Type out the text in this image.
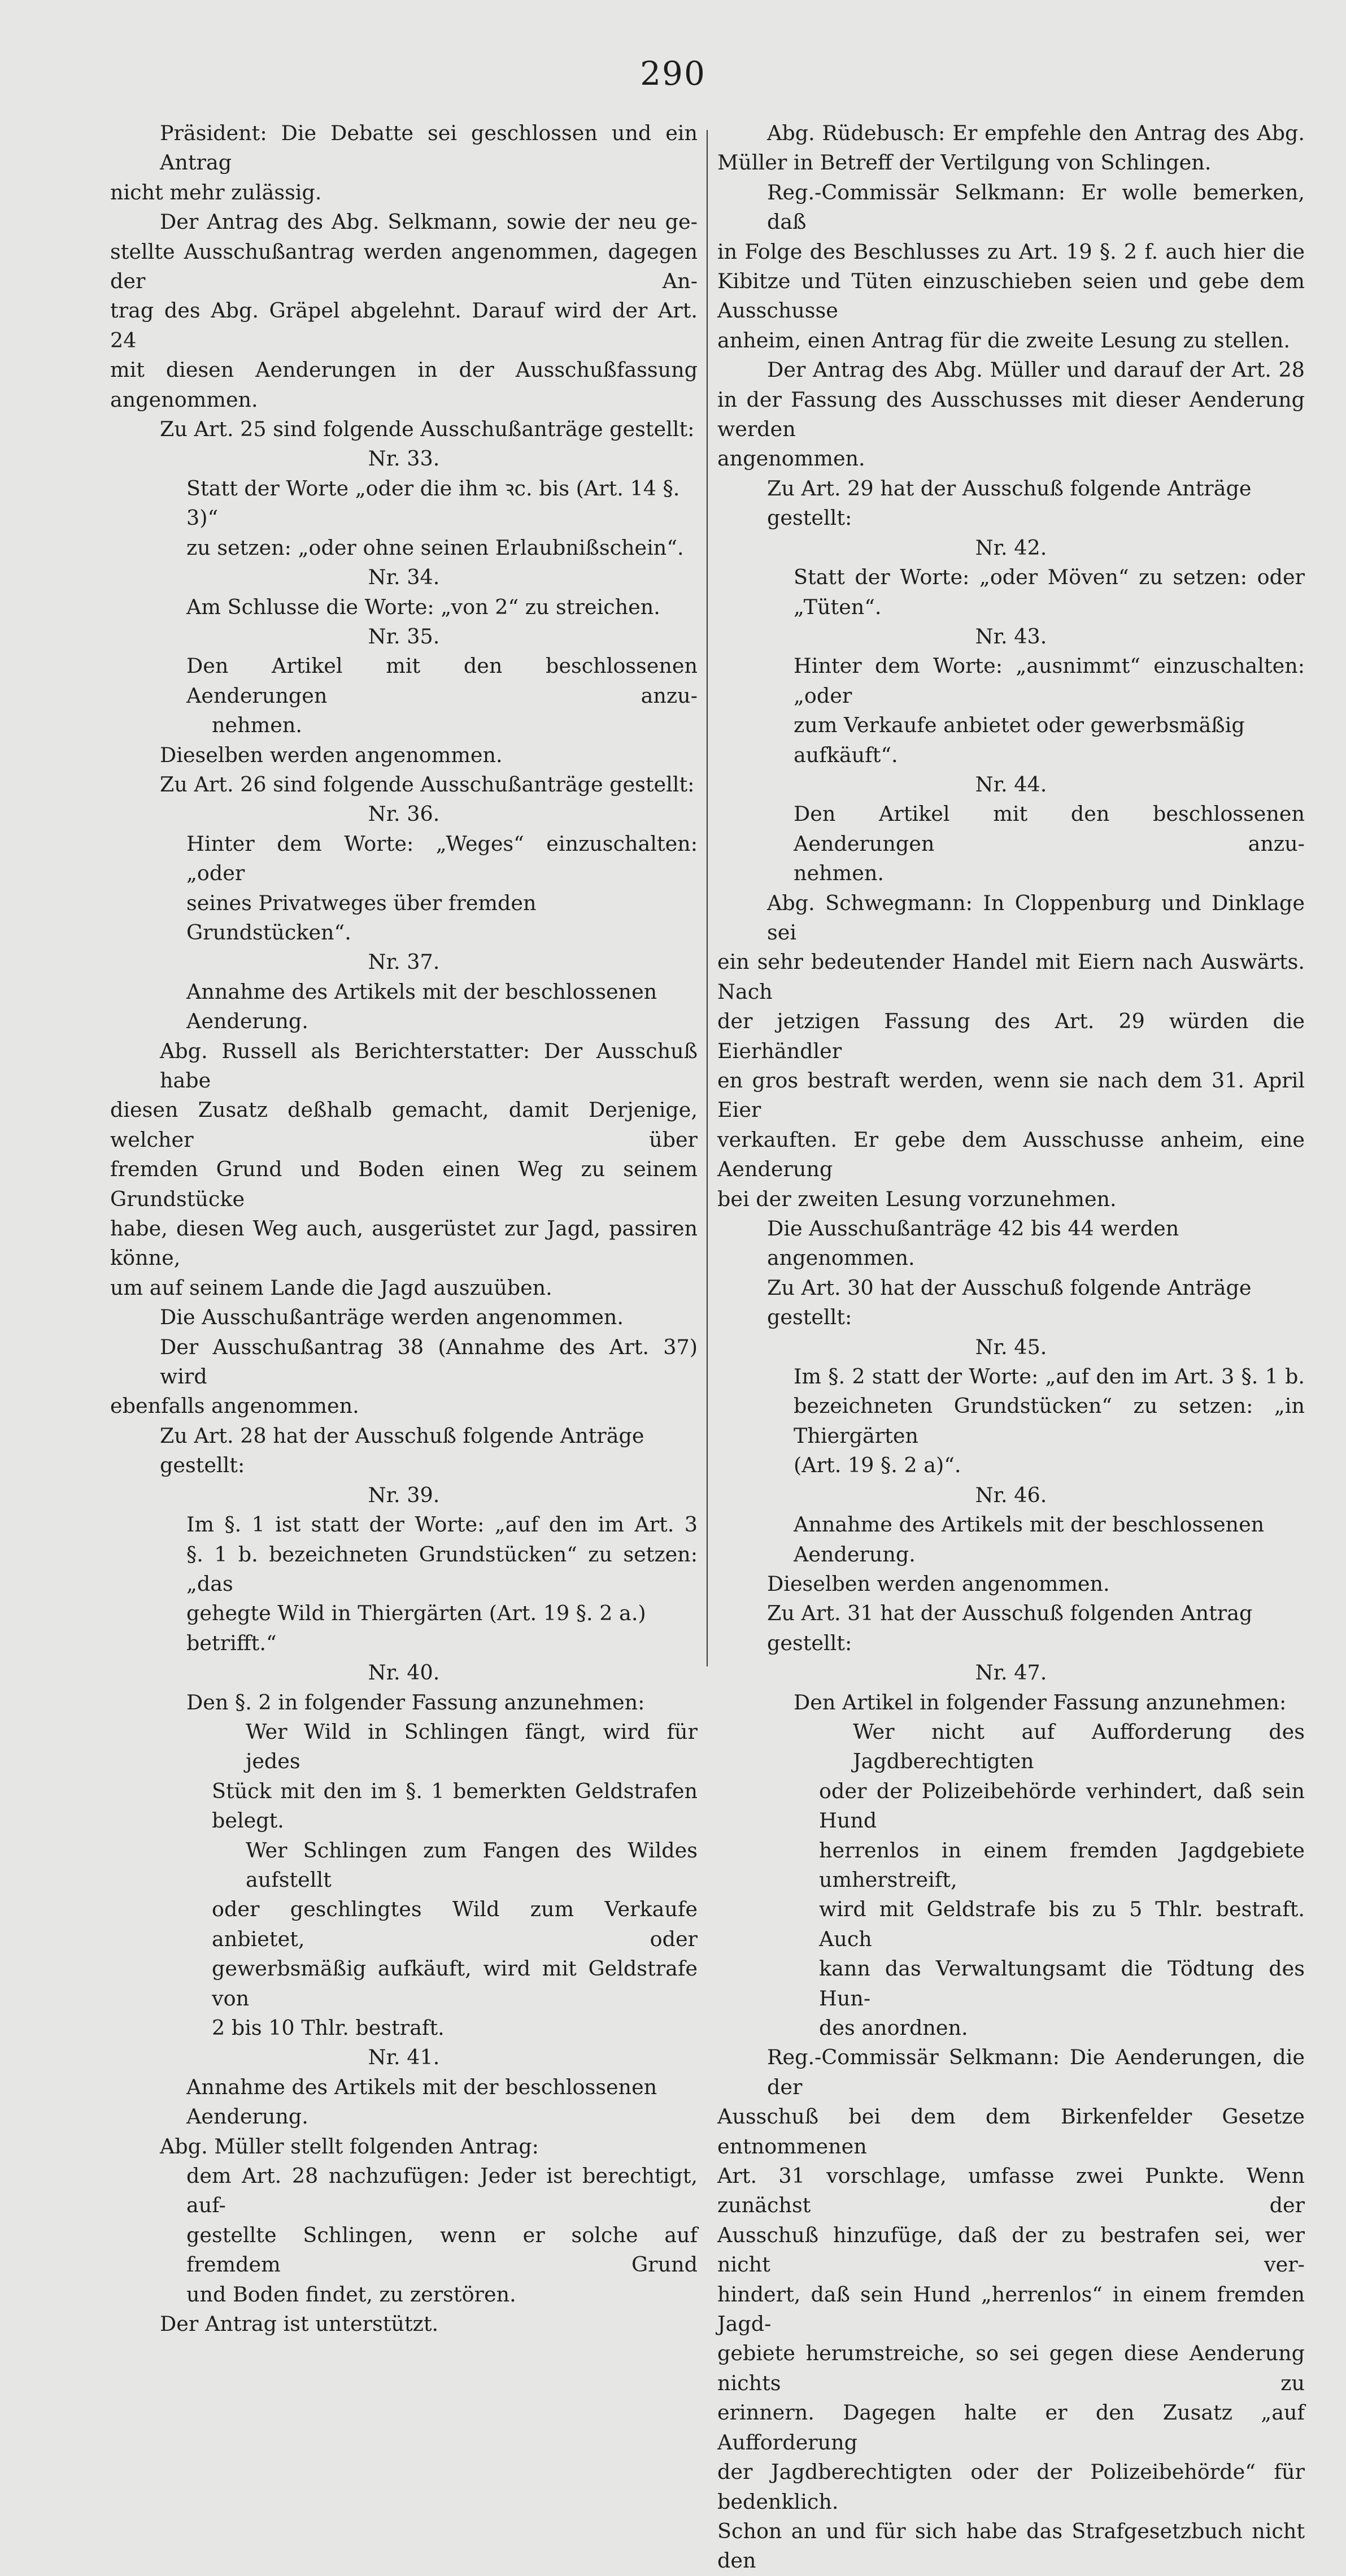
290

Präsident: Die Debatte sei geschlossen und ein Antrag

nicht mehr zulässig.

Der Antrag des Abg. Selkmann, sowie der neu ge-

stellte Ausschußantrag werden angenommen, dagegen der An-

trag des Abg. Gräpel abgelehnt. Darauf wird der Art. 24

mit diesen Aenderungen in der Ausschußfassung angenommen.

Zu Art. 25 sind folgende Ausschußanträge gestellt:

Nr. 33.

Statt der Worte „oder die ihm ꝛc. bis (Art. 14 §. 3)“

zu setzen: „oder ohne seinen Erlaubnißschein“.

Nr. 34.

Am Schlusse die Worte: „von 2“ zu streichen.

Nr. 35.

Den Artikel mit den beschlossenen Aenderungen anzu-

nehmen.

Dieselben werden angenommen.

Zu Art. 26 sind folgende Ausschußanträge gestellt:

Nr. 36.

Hinter dem Worte: „Weges“ einzuschalten: „oder

seines Privatweges über fremden Grundstücken“.

Nr. 37.

Annahme des Artikels mit der beschlossenen Aenderung.

Abg. Russell als Berichterstatter: Der Ausschuß habe

diesen Zusatz deßhalb gemacht, damit Derjenige, welcher über

fremden Grund und Boden einen Weg zu seinem Grundstücke

habe, diesen Weg auch, ausgerüstet zur Jagd, passiren könne,

um auf seinem Lande die Jagd auszuüben.

Die Ausschußanträge werden angenommen.

Der Ausschußantrag 38 (Annahme des Art. 37) wird

ebenfalls angenommen.

Zu Art. 28 hat der Ausschuß folgende Anträge gestellt:

Nr. 39.

Im §. 1 ist statt der Worte: „auf den im Art. 3

§. 1 b. bezeichneten Grundstücken“ zu setzen: „das

gehegte Wild in Thiergärten (Art. 19 §. 2 a.) betrifft.“

Nr. 40.

Den §. 2 in folgender Fassung anzunehmen:

Wer Wild in Schlingen fängt, wird für jedes

Stück mit den im §. 1 bemerkten Geldstrafen

belegt.

Wer Schlingen zum Fangen des Wildes aufstellt

oder geschlingtes Wild zum Verkaufe anbietet, oder

gewerbsmäßig aufkäuft, wird mit Geldstrafe von

2 bis 10 Thlr. bestraft.

Nr. 41.

Annahme des Artikels mit der beschlossenen Aenderung.

Abg. Müller stellt folgenden Antrag:

dem Art. 28 nachzufügen: Jeder ist berechtigt, auf-

gestellte Schlingen, wenn er solche auf fremdem Grund

und Boden findet, zu zerstören.

Der Antrag ist unterstützt.

Abg. Rüdebusch: Er empfehle den Antrag des Abg.

Müller in Betreff der Vertilgung von Schlingen.

Reg.-Commissär Selkmann: Er wolle bemerken, daß

in Folge des Beschlusses zu Art. 19 §. 2 f. auch hier die

Kibitze und Tüten einzuschieben seien und gebe dem Ausschusse

anheim, einen Antrag für die zweite Lesung zu stellen.

Der Antrag des Abg. Müller und darauf der Art. 28

in der Fassung des Ausschusses mit dieser Aenderung werden

angenommen.

Zu Art. 29 hat der Ausschuß folgende Anträge gestellt:

Nr. 42.

Statt der Worte: „oder Möven“ zu setzen: oder

„Tüten“.

Nr. 43.

Hinter dem Worte: „ausnimmt“ einzuschalten: „oder

zum Verkaufe anbietet oder gewerbsmäßig aufkäuft“.

Nr. 44.

Den Artikel mit den beschlossenen Aenderungen anzu-

nehmen.

Abg. Schwegmann: In Cloppenburg und Dinklage sei

ein sehr bedeutender Handel mit Eiern nach Auswärts. Nach

der jetzigen Fassung des Art. 29 würden die Eierhändler

en gros bestraft werden, wenn sie nach dem 31. April Eier

verkauften. Er gebe dem Ausschusse anheim, eine Aenderung

bei der zweiten Lesung vorzunehmen.

Die Ausschußanträge 42 bis 44 werden angenommen.

Zu Art. 30 hat der Ausschuß folgende Anträge gestellt:

Nr. 45.

Im §. 2 statt der Worte: „auf den im Art. 3 §. 1 b.

bezeichneten Grundstücken“ zu setzen: „in Thiergärten

(Art. 19 §. 2 a)“.

Nr. 46.

Annahme des Artikels mit der beschlossenen Aenderung.

Dieselben werden angenommen.

Zu Art. 31 hat der Ausschuß folgenden Antrag gestellt:

Nr. 47.

Den Artikel in folgender Fassung anzunehmen:

Wer nicht auf Aufforderung des Jagdberechtigten

oder der Polizeibehörde verhindert, daß sein Hund

herrenlos in einem fremden Jagdgebiete umherstreift,

wird mit Geldstrafe bis zu 5 Thlr. bestraft. Auch

kann das Verwaltungsamt die Tödtung des Hun-

des anordnen.

Reg.-Commissär Selkmann: Die Aenderungen, die der

Ausschuß bei dem dem Birkenfelder Gesetze entnommenen

Art. 31 vorschlage, umfasse zwei Punkte. Wenn zunächst der

Ausschuß hinzufüge, daß der zu bestrafen sei, wer nicht ver-

hindert, daß sein Hund „herrenlos“ in einem fremden Jagd-

gebiete herumstreiche, so sei gegen diese Aenderung nichts zu

erinnern. Dagegen halte er den Zusatz „auf Aufforderung

der Jagdberechtigten oder der Polizeibehörde“ für bedenklich.

Schon an und für sich habe das Strafgesetzbuch nicht den
